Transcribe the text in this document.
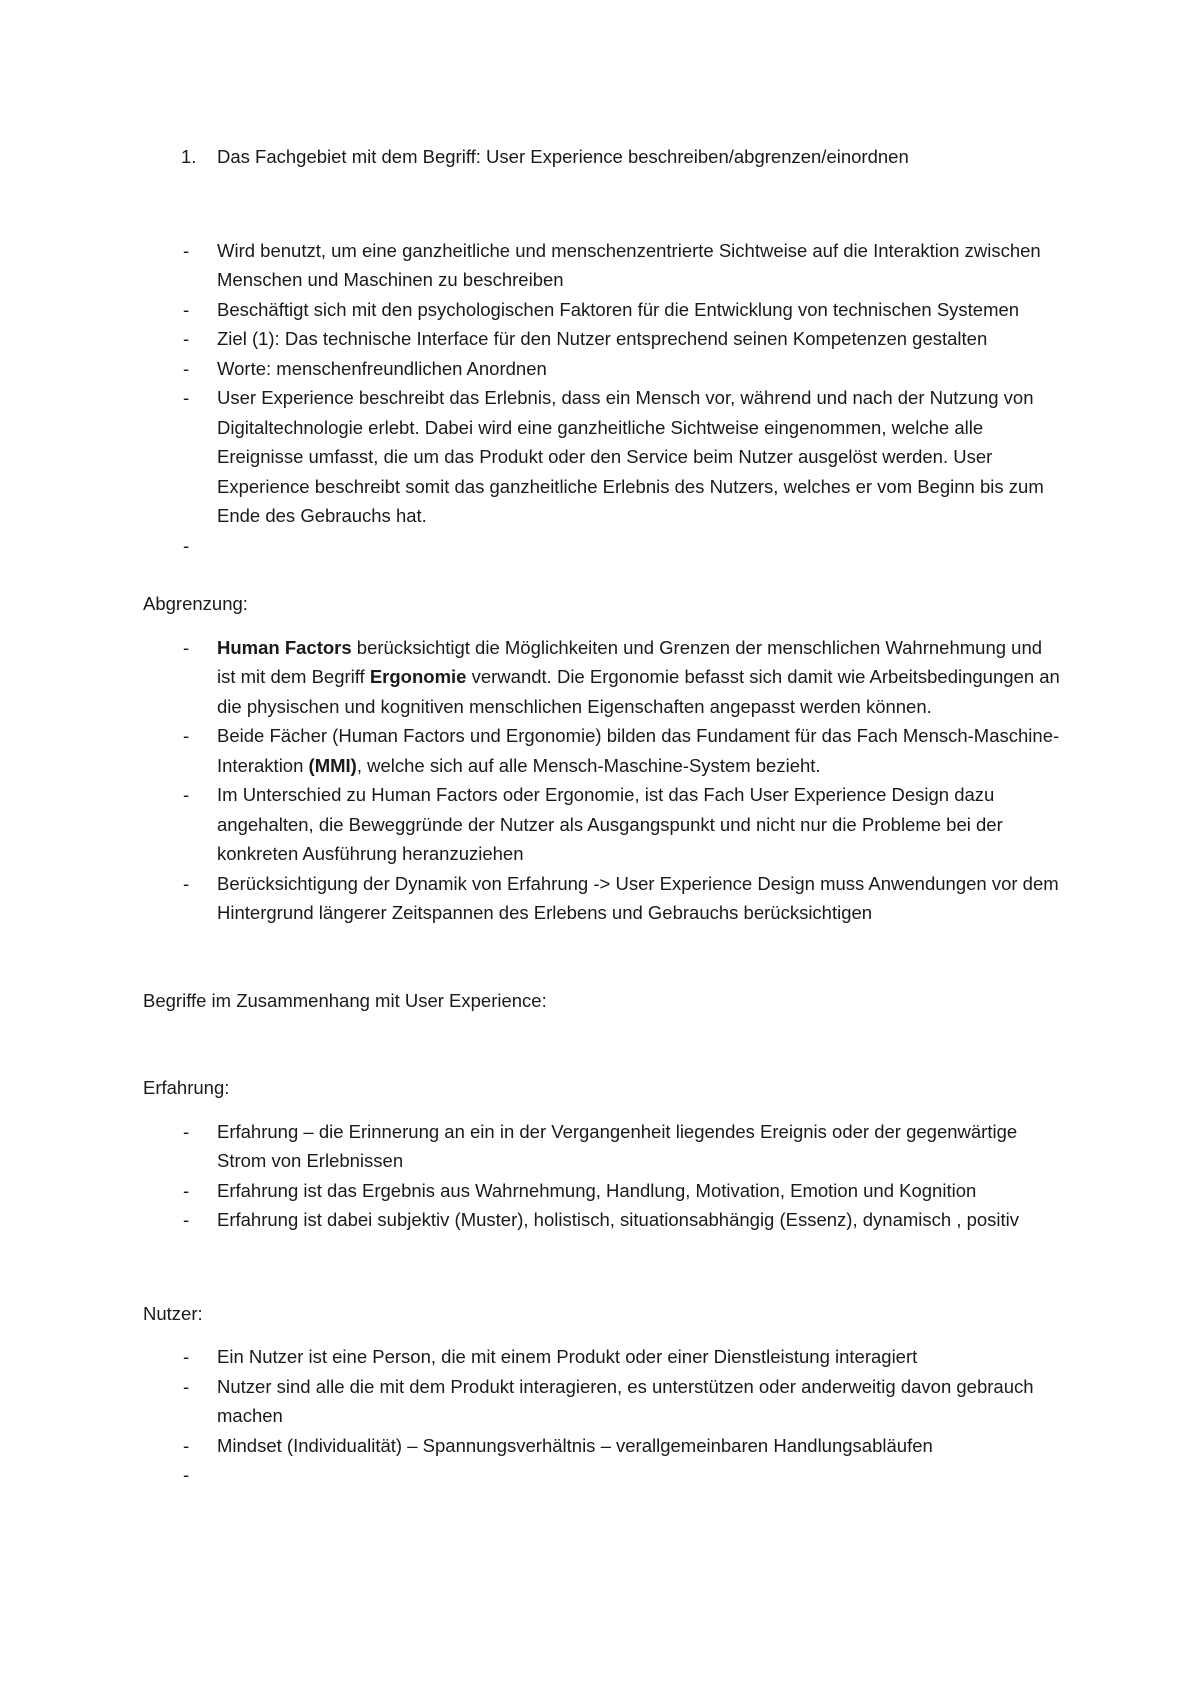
1.	Das Fachgebiet mit dem Begriff: User Experience beschreiben/abgrenzen/einordnen
-	Wird benutzt, um eine ganzheitliche und menschenzentrierte Sichtweise auf die Interaktion zwischen Menschen und Maschinen zu beschreiben
-	Beschäftigt sich mit den psychologischen Faktoren für die Entwicklung von technischen Systemen
-	Ziel (1): Das technische Interface für den Nutzer entsprechend seinen Kompetenzen gestalten
-	Worte: menschenfreundlichen Anordnen
-	User Experience beschreibt das Erlebnis, dass ein Mensch vor, während und nach der Nutzung von Digitaltechnologie erlebt. Dabei wird eine ganzheitliche Sichtweise eingenommen, welche alle Ereignisse umfasst, die um das Produkt oder den Service beim Nutzer ausgelöst werden. User Experience beschreibt somit das ganzheitliche Erlebnis des Nutzers, welches er vom Beginn bis zum Ende des Gebrauchs hat.
-

Abgrenzung:

-	Human Factors berücksichtigt die Möglichkeiten und Grenzen der menschlichen Wahrnehmung und ist mit dem Begriff Ergonomie verwandt. Die Ergonomie befasst sich damit wie Arbeitsbedingungen an die physischen und kognitiven menschlichen Eigenschaften angepasst werden können.
-	Beide Fächer (Human Factors und Ergonomie) bilden das Fundament für das Fach Mensch-Maschine-Interaktion (MMI), welche sich auf alle Mensch-Maschine-System bezieht.
-	Im Unterschied zu Human Factors oder Ergonomie, ist das Fach User Experience Design dazu angehalten, die Beweggründe der Nutzer als Ausgangspunkt und nicht nur die Probleme bei der konkreten Ausführung heranzuziehen
-	Berücksichtigung der Dynamik von Erfahrung -> User Experience Design muss Anwendungen vor dem Hintergrund längerer Zeitspannen des Erlebens und Gebrauchs berücksichtigen

Begriffe im Zusammenhang mit User Experience:

Erfahrung:

-	Erfahrung – die Erinnerung an ein in der Vergangenheit liegendes Ereignis oder der gegenwärtige Strom von Erlebnissen
-	Erfahrung ist das Ergebnis aus Wahrnehmung, Handlung, Motivation, Emotion und Kognition
-	Erfahrung ist dabei subjektiv (Muster), holistisch, situationsabhängig (Essenz), dynamisch , positiv

Nutzer:

-	Ein Nutzer ist eine Person, die mit einem Produkt oder einer Dienstleistung interagiert
-	Nutzer sind alle die mit dem Produkt interagieren, es unterstützen oder anderweitig davon gebrauch machen
-	Mindset (Individualität) – Spannungsverhältnis – verallgemeinbaren Handlungsabläufen
-
